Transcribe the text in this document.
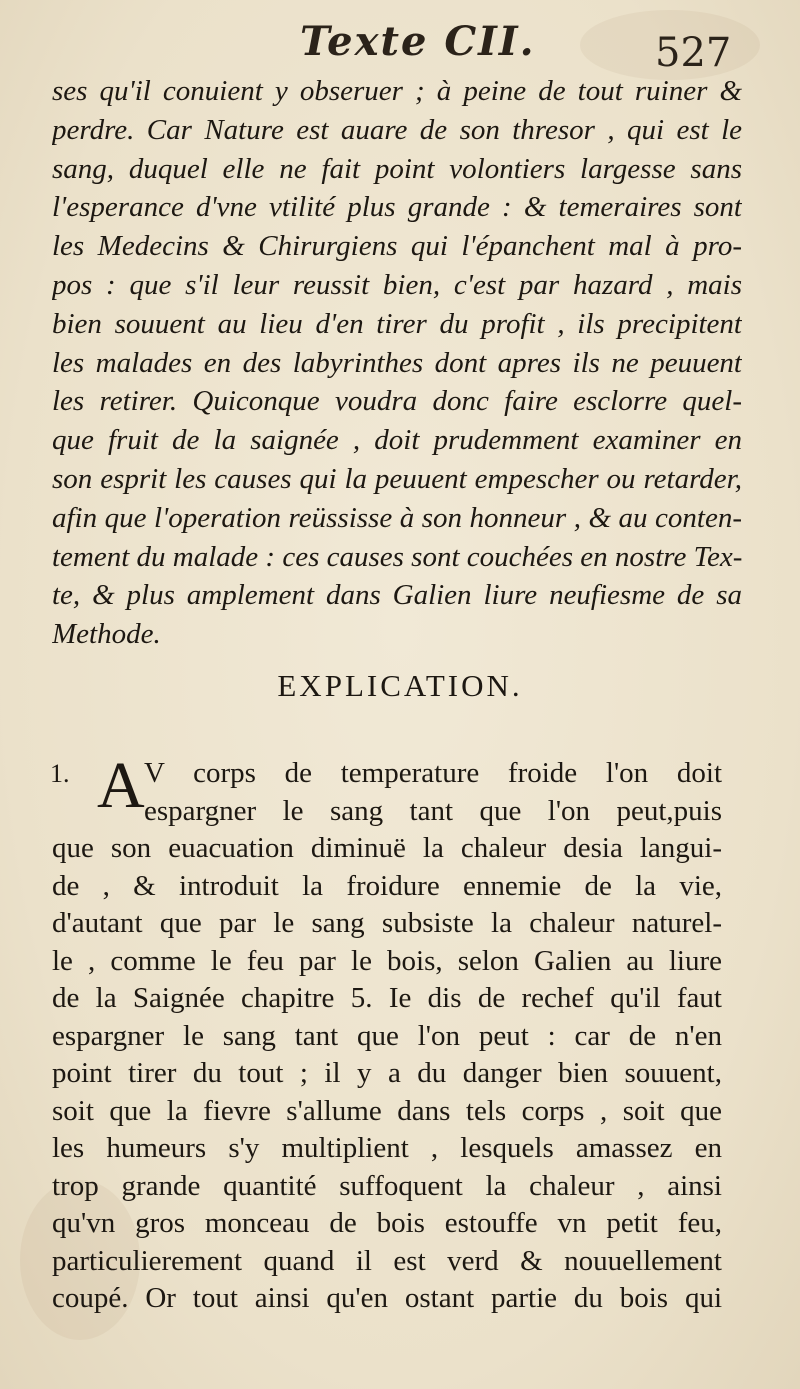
Texte CII.	527
ses qu'il conuient y obseruer ; à peine de tout ruiner &
perdre. Car Nature est auare de son thresor , qui est le
sang, duquel elle ne fait point volontiers largesse sans
l'esperance d'vne vtilité plus grande : & temeraires sont
les Medecins & Chirurgiens qui l'épanchent mal à pro-
pos : que s'il leur reussit bien, c'est par hazard , mais
bien souuent au lieu d'en tirer du profit , ils precipitent
les malades en des labyrinthes dont apres ils ne peuuent
les retirer. Quiconque voudra donc faire esclorre quel-
que fruit de la saignée , doit prudemment examiner en
son esprit les causes qui la peuuent empescher ou retarder,
afin que l'operation reüssisse à son honneur , & au conten-
tement du malade : ces causes sont couchées en nostre Tex-
te, & plus amplement dans Galien liure neufiesme de sa
Methode.
EXPLICATION.
1. A V corps de temperature froide l'on doit
espargner le sang tant que l'on peut,puis
que son euacuation diminuë la chaleur desia langui-
de , & introduit la froidure ennemie de la vie,
d'autant que par le sang subsiste la chaleur naturel-
le , comme le feu par le bois, selon Galien au liure
de la Saignée chapitre 5. Ie dis de rechef qu'il faut
espargner le sang tant que l'on peut : car de n'en
point tirer du tout ; il y a du danger bien souuent,
soit que la fievre s'allume dans tels corps , soit que
les humeurs s'y multiplient , lesquels amassez en
trop grande quantité suffoquent la chaleur , ainsi
qu'vn gros monceau de bois estouffe vn petit feu,
particulierement quand il est verd & nouuellement
coupé. Or tout ainsi qu'en ostant partie du bois qui
